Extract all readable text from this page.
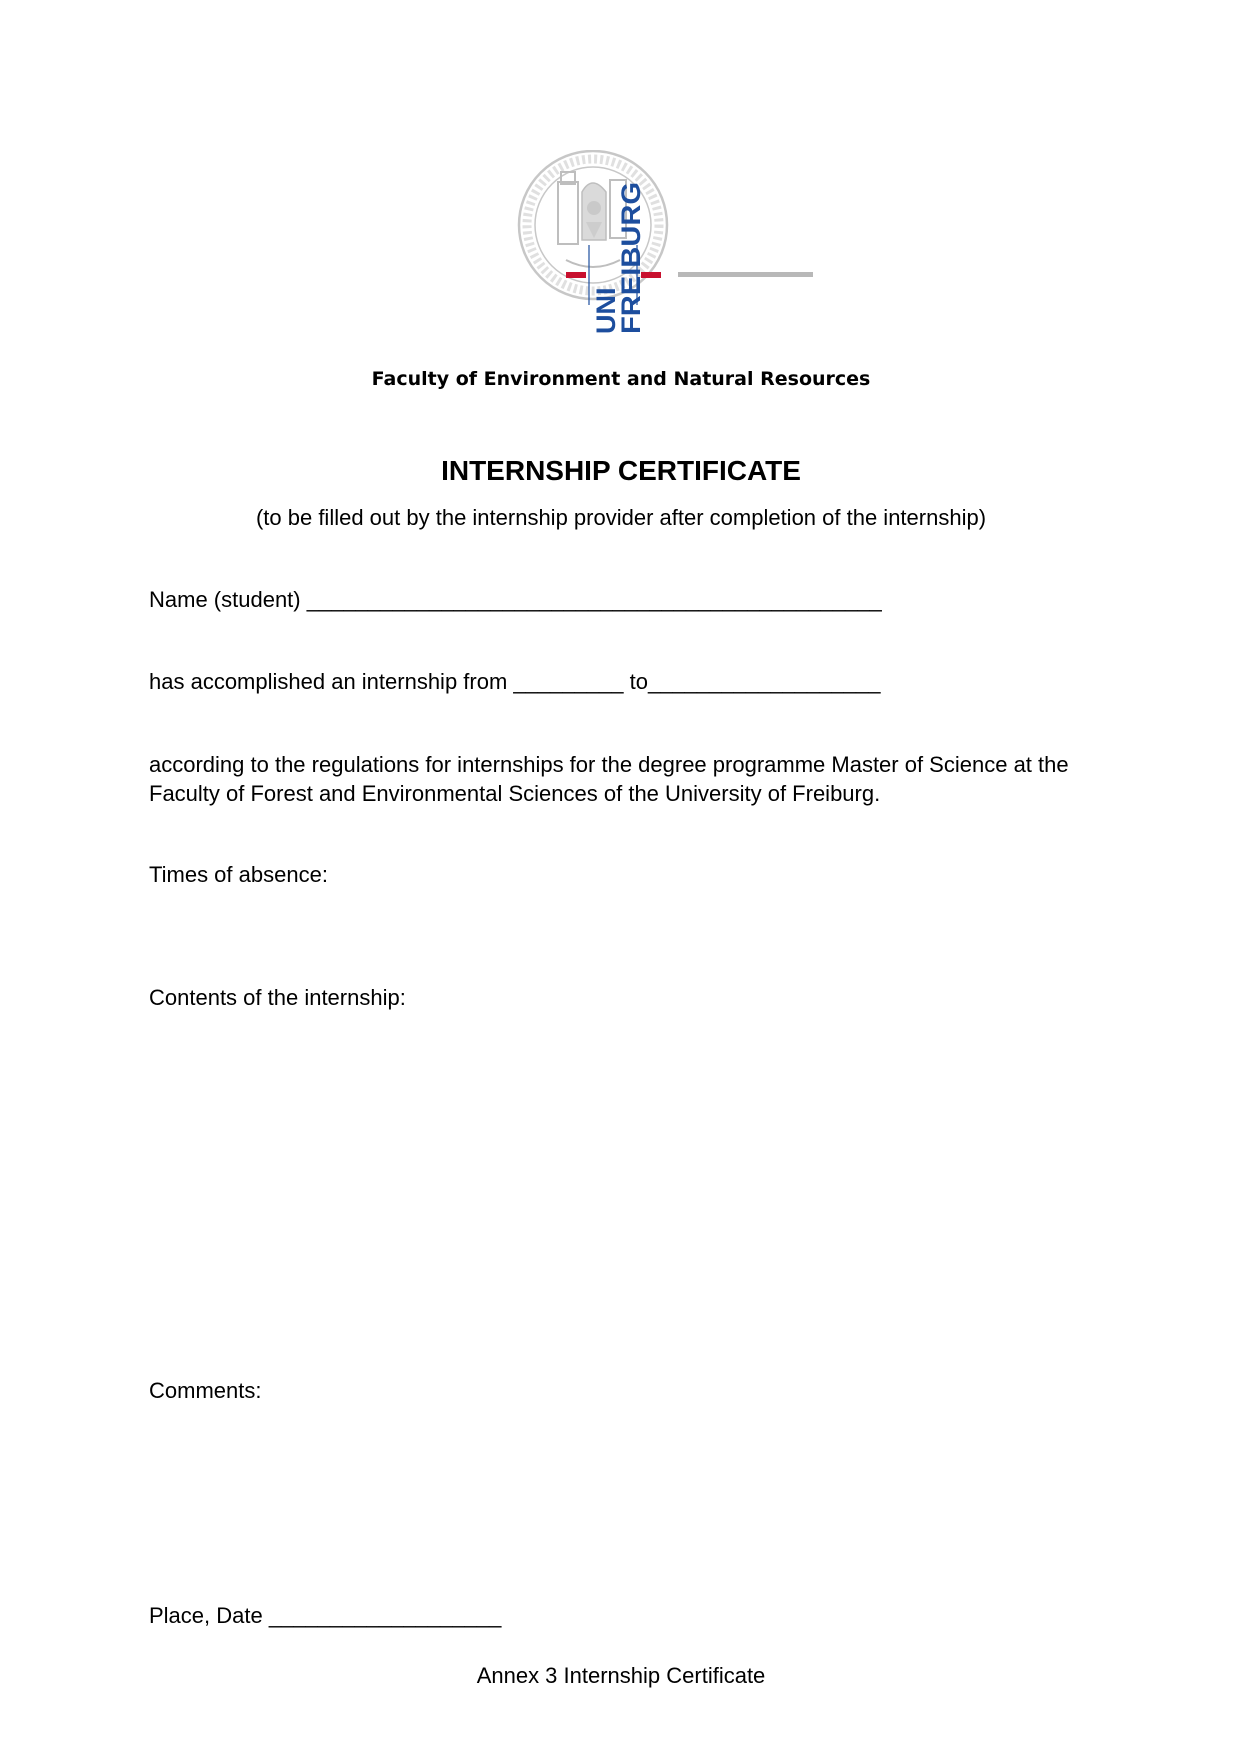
UNI
FREIBURG
Faculty of Environment and Natural Resources
INTERNSHIP CERTIFICATE
(to be filled out by the internship provider after completion of the internship)
Name (student) _______________________________________________
has accomplished an internship from _________ to___________________
according to the regulations for internships for the degree programme Master of Science at the Faculty of Forest and Environmental Sciences of the University of Freiburg.
Times of absence:
Contents of the internship:
Comments:
Place, Date ___________________
Annex 3 Internship Certificate
